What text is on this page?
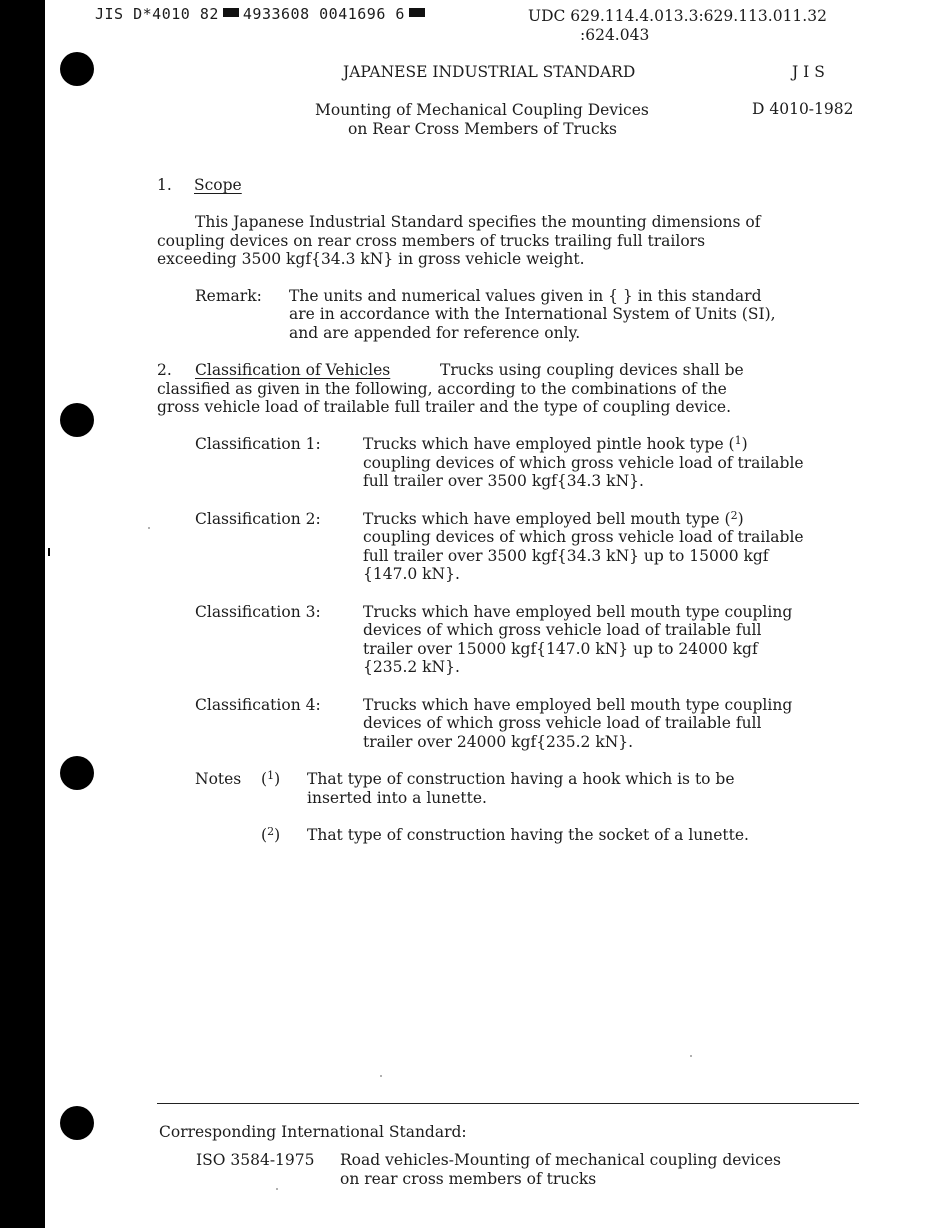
JIS D*4010 82 4933608 0041696 6	UDC 629.114.4.013.3:629.113.011.32
:624.043
JAPANESE INDUSTRIAL STANDARD	J I S
Mounting of Mechanical Coupling Devices
on Rear Cross Members of Trucks
D 4010-1982
1. Scope
This Japanese Industrial Standard specifies the mounting dimensions of
coupling devices on rear cross members of trucks trailing full trailors
exceeding 3500 kgf{34.3 kN} in gross vehicle weight.
Remark: The units and numerical values given in { } in this standard
are in accordance with the International System of Units (SI),
and are appended for reference only.
2. Classification of Vehicles	Trucks using coupling devices shall be
classified as given in the following, according to the combinations of the
gross vehicle load of trailable full trailer and the type of coupling device.
Classification 1:	Trucks which have employed pintle hook type ($^1$)
coupling devices of which gross vehicle load of trailable
full trailer over 3500 kgf{34.3 kN}.
Classification 2:	Trucks which have employed bell mouth type ($^2$)
coupling devices of which gross vehicle load of trailable
full trailer over 3500 kgf{34.3 kN} up to 15000 kgf
{147.0 kN}.
Classification 3:	Trucks which have employed bell mouth type coupling
devices of which gross vehicle load of trailable full
trailer over 15000 kgf{147.0 kN} up to 24000 kgf
{235.2 kN}.
Classification 4:	Trucks which have employed bell mouth type coupling
devices of which gross vehicle load of trailable full
trailer over 24000 kgf{235.2 kN}.
Notes ($^1$) That type of construction having a hook which is to be
inserted into a lunette.
($^2$) That type of construction having the socket of a lunette.
Corresponding International Standard:
ISO 3584-1975 Road vehicles-Mounting of mechanical coupling devices
on rear cross members of trucks
